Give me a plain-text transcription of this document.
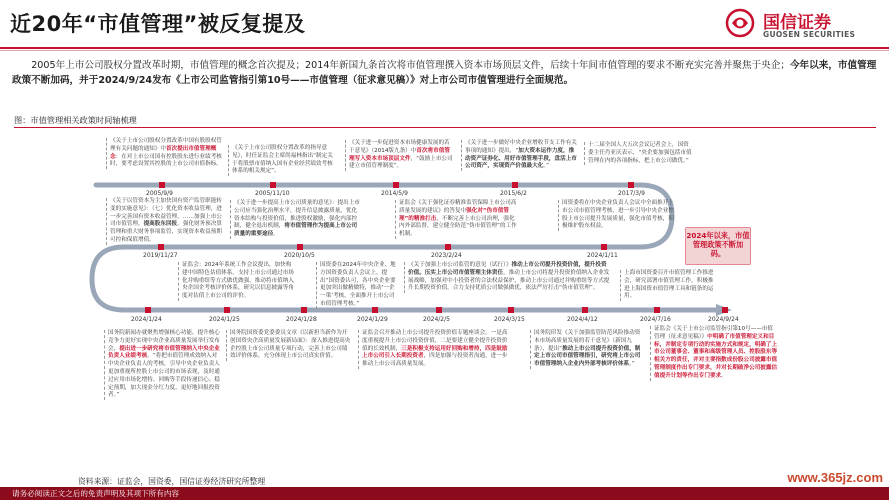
近20年“市值管理”被反复提及	国信证券
GUOSEN SECURITIES
2005年上市公司股权分置改革时期，市值管理的概念首次提及；2014年新国九条首次将市值管理撰入资本市场顶层文件，后续十年间市值管理的要求不断充实完善并聚焦于央企；今年以来，市值管理政策不断加码，并于2024/9/24发布《上市公司监管指引第10号——市值管理（征求意见稿）》对上市公司市值管理进行全面规范。
图：市值管理相关政策时间轴梳理
2005/9/9	2005/11/10	2014/5/9	2015/6/2	2017/3/9
2019/11/27	2020/10/5	2023/2/24	2024/1/11
2024/1/24	2024/1/25	2024/1/28	2024/1/29	2024/2/5	2024/3/15	2024/4/12	2024/7/16	2024/9/24
《关于上市公司股权分置改革中国有股股权管理有关问题的通知》中首次提出市值管理概念：在对上市公司国有控股股东进行业绩考核时，要考虑设置其控股的上市公司市值指标。
《关于上市公司股权分置改革的指导意见》，时任证监会主席尚福林指出“制定关于将股票市值纳入国有企业经营绩效考核体系的相关规定”。
《关于进一步促进资本市场健康发展的若干意见》（2014版九条）中首次将市值管理写入资本市场顶层文件，“鼓励上市公司建立市值管理制度”。
《关于进一步做好中央企业增收节支工作有关事项的通知》提出，“加大资本运作力度，推动资产证券化、用好市值管理手段，盘活上市公司资产，实现资产价值最大化。”
十二届全国人大五次会议记者会上，国资委主任肖亚庆表示，“央企要加强包括市值管理在内的各项指标，把上市公司做优。”
《关于以管资本为主加快国有资产监管职能转变的实施意见》：（七）优化资本收益管理，进一步完善国有资本收益管理，……加强上市公司市值管理，提高股东回报。强化财务预决算管理和重大财务事项监管，实现资本收益预期可控和保值增值。
《关于进一步提高上市公司质量的意见》：提出上市公司应当强化治理水平，提升信息披露质量，优化资本结构与投资价值，推进股权激励，强化内部控制，健全退出机制，将市值管理作为提高上市公司质量的重要途径。
证监会《关于强化证券精准监管保障上市公司高质量发展的建议》的答复中强化对“伪市值管理”的精准打击，不断完善上市公司治理，强化内外部监督，建立健全防范“伪市值管理”的工作机制。
国资委将在中央企业负责人会议中全面推开上市公司市值管理考核，进一步引导中央企业控股上市公司提升发展质量，强化市值考核，积极维护股东权益。
2024年以来，市值管理政策不断加码。
证监会：2024年系统工作会议提出，加快构建中国特色估值体系。支持上市公司通过市场化并购重组等方式做优做强，推动将市值纳入央企国企考核评价体系，研究以信息披露等角度对估值上市公司的评价。
国资委在2024年中央企业、地方国资委负责人会议上，提出“国资委认可，各中央企业要更加突出做精做特，推动‘一企一策’考核，全面推开上市公司市值管理考核。”
《关于加强上市公司监管的意见（试行）》推动上市公司提升投资价值，提升投资价值。压实上市公司市值管理主体责任，推动上市公司将提升投资价值纳入企业发展战略，加强对中小投资者的合法权益保护，推动上市公司通过并购重组等方式提升长期投资价值。合力支持优质公司做强做优，依法严厉打击“伪市值管理”。
上海市国资委召开市值管理工作推进会，研究部署市值管理工作，积极推进上海国资市值管理工具和链条的运用。
国务院新闻办就聚焦增强核心功能、提升核心竞争力更好实现中央企业高质量发展举行发布会，提出进一步研究将市值管理纳入中央企业负责人业绩考核。“将把市值管理成效纳入对中央企业负责人的考核，引导中央企业负责人更加重视所控股上市公司的市场表现，及时通过应用市场化增持、回购等手段传递信心、稳定预期，加大现金分红力度，更好地回报投资者。”
国务院国资委党委委员文章《以新担当新作为开创国资央企高质量发展新局面》：深入推进提高央企控股上市公司质量专项行动，完善上市公司绩效评价体系，充分体现上市公司真实价值。
证监会召开推动上市公司提升投资价值专题座谈会，一是高度重视提升上市公司投资价值，二是要建立健全提升投资价值的长效机制，三是积极支持运用好回购和增持，四是鼓励上市公司引入长期投资者，四是加强与投资者沟通，进一步推动上市公司高质量发展。
国务院印发《关于加强监管防范风险推动资本市场高质量发展的若干意见》（新国九条），提出“推动上市公司提升投资价值，制定上市公司市值管理指引，研究将上市公司市值管理纳入企业内外部考核评价体系。”
证监会《关于上市公司监管指引第10号——市值管理（征求意见稿）》中明确了市值管理定义和目标，并制定专项行动的实施方式和规定，明确了上市公司董事会、董事和高级管理人员、控股股东等相关方的责任，并对主要指数成份股公司披露市值管理制度作出专门要求，并对长期破净公司披露估值提升计划等作出专门要求。
资料来源：证监会，国资委，国信证券经济研究所整理	www.365jz.com
请务必阅读正文之后的免责声明及其项下所有内容
